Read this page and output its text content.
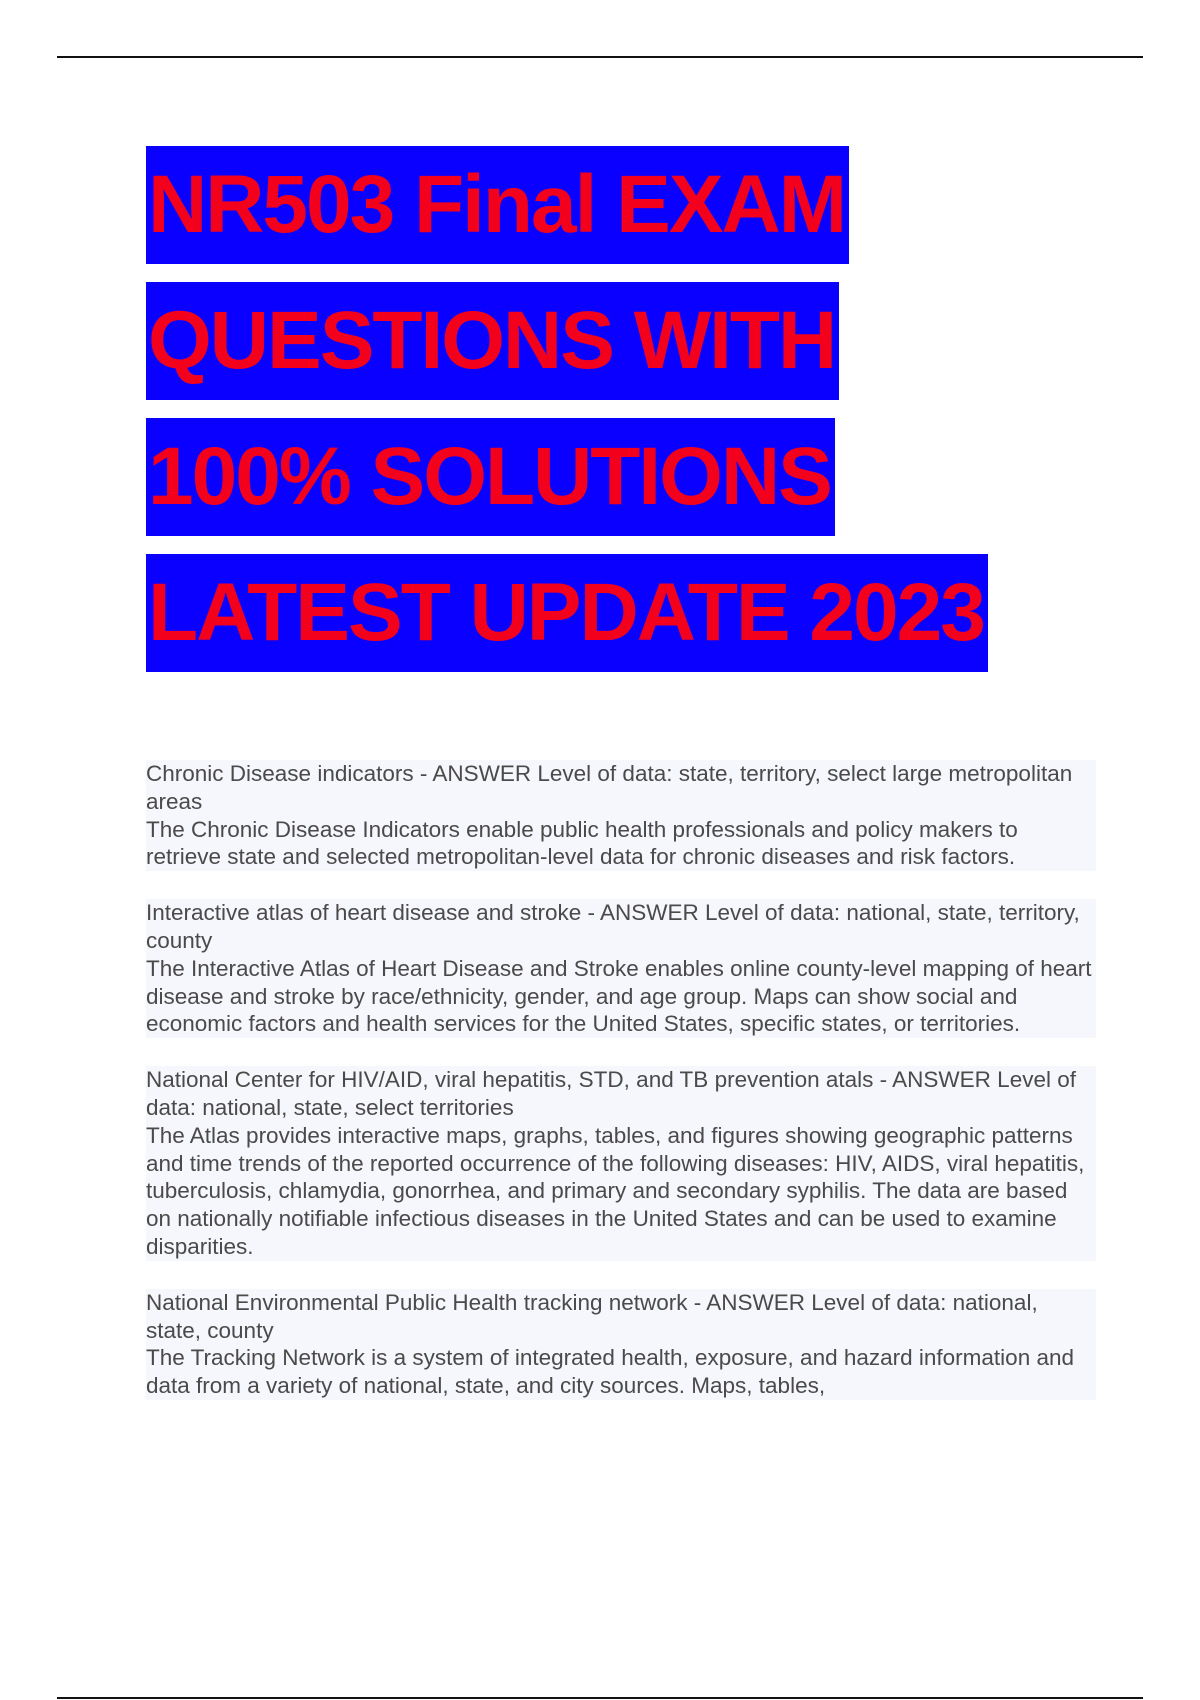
NR503 Final EXAM
QUESTIONS WITH
100% SOLUTIONS
LATEST UPDATE 2023

Chronic Disease indicators - ANSWER Level of data: state, territory, select large metropolitan areas

The Chronic Disease Indicators enable public health professionals and policy makers to retrieve state and selected metropolitan-level data for chronic diseases and risk factors.

Interactive atlas of heart disease and stroke - ANSWER Level of data: national, state, territory, county

The Interactive Atlas of Heart Disease and Stroke enables online county-level mapping of heart disease and stroke by race/ethnicity, gender, and age group. Maps can show social and economic factors and health services for the United States, specific states, or territories.

National Center for HIV/AID, viral hepatitis, STD, and TB prevention atals - ANSWER Level of data: national, state, select territories

The Atlas provides interactive maps, graphs, tables, and figures showing geographic patterns and time trends of the reported occurrence of the following diseases: HIV, AIDS, viral hepatitis, tuberculosis, chlamydia, gonorrhea, and primary and secondary syphilis. The data are based on nationally notifiable infectious diseases in the United States and can be used to examine disparities.

National Environmental Public Health tracking network - ANSWER Level of data: national, state, county

The Tracking Network is a system of integrated health, exposure, and hazard information and data from a variety of national, state, and city sources. Maps, tables,
